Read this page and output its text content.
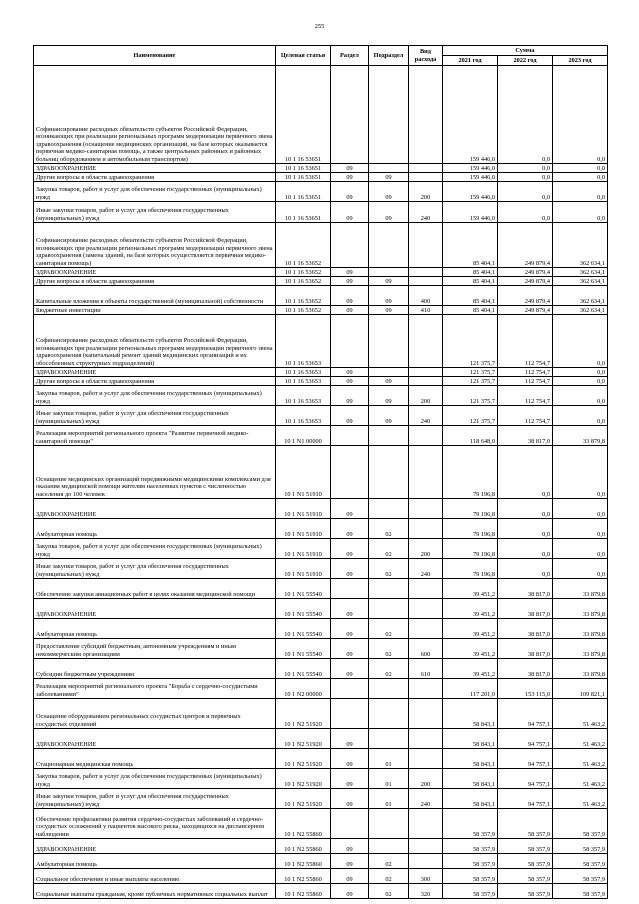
255
Наименование	Целевая статья	Раздел	Подраздел	Вид расхода	Сумма		
					2021 год	2022 год	2023 год
Софинансирование расходных обязательств субъектов Российской Федерации, возникающих при реализации региональных программ модернизации первичного звена здравоохранения (оснащение медицинских организаций, на базе которых оказывается первичная медико-санитарная помощь, а также центральных районных и районных больниц оборудованием и автомобильным транспортом)	10 1 16 53651				159 446,0	0,0	0,0
ЗДРАВООХРАНЕНИЕ	10 1 16 53651	09			159 446,0	0,0	0,0
Другие вопросы в области здравоохранения	10 1 16 53651	09	09		159 446,0	0,0	0,0
Закупка товаров, работ и услуг для обеспечения государственных (муниципальных) нужд	10 1 16 53651	09	09	200	159 446,0	0,0	0,0
Иные закупки товаров, работ и услуг для обеспечения государственных (муниципальных) нужд	10 1 16 53651	09	09	240	159 446,0	0,0	0,0
Софинансирование расходных обязательств субъектов Российской Федерации, возникающих при реализации региональных программ модернизации первичного звена здравоохранения (замена зданий, на базе которых осуществляется первичная медико-санитарная помощь)	10 1 16 53652				85 404,1	249 879,4	362 634,1
ЗДРАВООХРАНЕНИЕ	10 1 16 53652	09			85 404,1	249 879,4	362 634,1
Другие вопросы в области здравоохранения	10 1 16 53652	09	09		85 404,1	249 879,4	362 634,1
Капитальные вложения в объекты государственной (муниципальной) собственности	10 1 16 53652	09	09	400	85 404,1	249 879,4	362 634,1
Бюджетные инвестиции	10 1 16 53652	09	09	410	85 404,1	249 879,4	362 634,1
Софинансирование расходных обязательств субъектов Российской Федерации, возникающих при реализации региональных программ модернизации первичного звена здравоохранения (капитальный ремонт зданий медицинских организаций и их обособленных структурных подразделений)	10 1 16 53653				121 375,7	112 754,7	0,0
ЗДРАВООХРАНЕНИЕ	10 1 16 53653	09			121 375,7	112 754,7	0,0
Другие вопросы в области здравоохранения	10 1 16 53653	09	09		121 375,7	112 754,7	0,0
Закупка товаров, работ и услуг для обеспечения государственных (муниципальных) нужд	10 1 16 53653	09	09	200	121 375,7	112 754,7	0,0
Иные закупки товаров, работ и услуг для обеспечения государственных (муниципальных) нужд	10 1 16 53653	09	09	240	121 375,7	112 754,7	0,0
Реализация мероприятий регионального проекта "Развитие первичной медико-санитарной помощи"	10 1 N1 00000				118 648,0	38 817,0	33 879,8
Оснащение медицинских организаций передвижными медицинскими комплексами для оказания медицинской помощи жителям населенных пунктов с численностью населения до 100 человек	10 1 N1 51910				79 196,8	0,0	0,0
ЗДРАВООХРАНЕНИЕ	10 1 N1 51910	09			79 196,8	0,0	0,0
Амбулаторная помощь	10 1 N1 51910	09	02		79 196,8	0,0	0,0
Закупка товаров, работ и услуг для обеспечения государственных (муниципальных) нужд	10 1 N1 51910	09	02	200	79 196,8	0,0	0,0
Иные закупки товаров, работ и услуг для обеспечения государственных (муниципальных) нужд	10 1 N1 51910	09	02	240	79 196,8	0,0	0,0
Обеспечение закупки авиационных работ в целях оказания медицинской помощи	10 1 N1 55540				39 451,2	38 817,0	33 879,8
ЗДРАВООХРАНЕНИЕ	10 1 N1 55540	09			39 451,2	38 817,0	33 879,8
Амбулаторная помощь	10 1 N1 55540	09	02		39 451,2	38 817,0	33 879,8
Предоставление субсидий бюджетным, автономным учреждениям и иным некоммерческим организациям	10 1 N1 55540	09	02	600	39 451,2	38 817,0	33 879,8
Субсидии бюджетным учреждениям	10 1 N1 55540	09	02	610	39 451,2	38 817,0	33 879,8
Реализация мероприятий регионального проекта "Борьба с сердечно-сосудистыми заболеваниями"	10 1 N2 00000				117 201,0	153 115,0	109 821,1
Оснащение оборудованием региональных сосудистых центров и первичных сосудистых отделений	10 1 N2 51920				58 843,1	94 757,1	51 463,2
ЗДРАВООХРАНЕНИЕ	10 1 N2 51920	09			58 843,1	94 757,1	51 463,2
Стационарная медицинская помощь	10 1 N2 51920	09	01		58 843,1	94 757,1	51 463,2
Закупка товаров, работ и услуг для обеспечения государственных (муниципальных) нужд	10 1 N2 51920	09	01	200	58 843,1	94 757,1	51 463,2
Иные закупки товаров, работ и услуг для обеспечения государственных (муниципальных) нужд	10 1 N2 51920	09	01	240	58 843,1	94 757,1	51 463,2
Обеспечение профилактики развития сердечно-сосудистых заболеваний и сердечно-сосудистых осложнений у пациентов высокого риска, находящихся на диспансерном наблюдении	10 1 N2 55860				58 357,9	58 357,9	58 357,9
ЗДРАВООХРАНЕНИЕ	10 1 N2 55860	09			58 357,9	58 357,9	58 357,9
Амбулаторная помощь	10 1 N2 55860	09	02		58 357,9	58 357,9	58 357,9
Социальное обеспечение и иные выплаты населению	10 1 N2 55860	09	02	300	58 357,9	58 357,9	58 357,9
Социальные выплаты гражданам, кроме публичных нормативных социальных выплат	10 1 N2 55860	09	02	320	58 357,9	58 357,9	58 357,9
